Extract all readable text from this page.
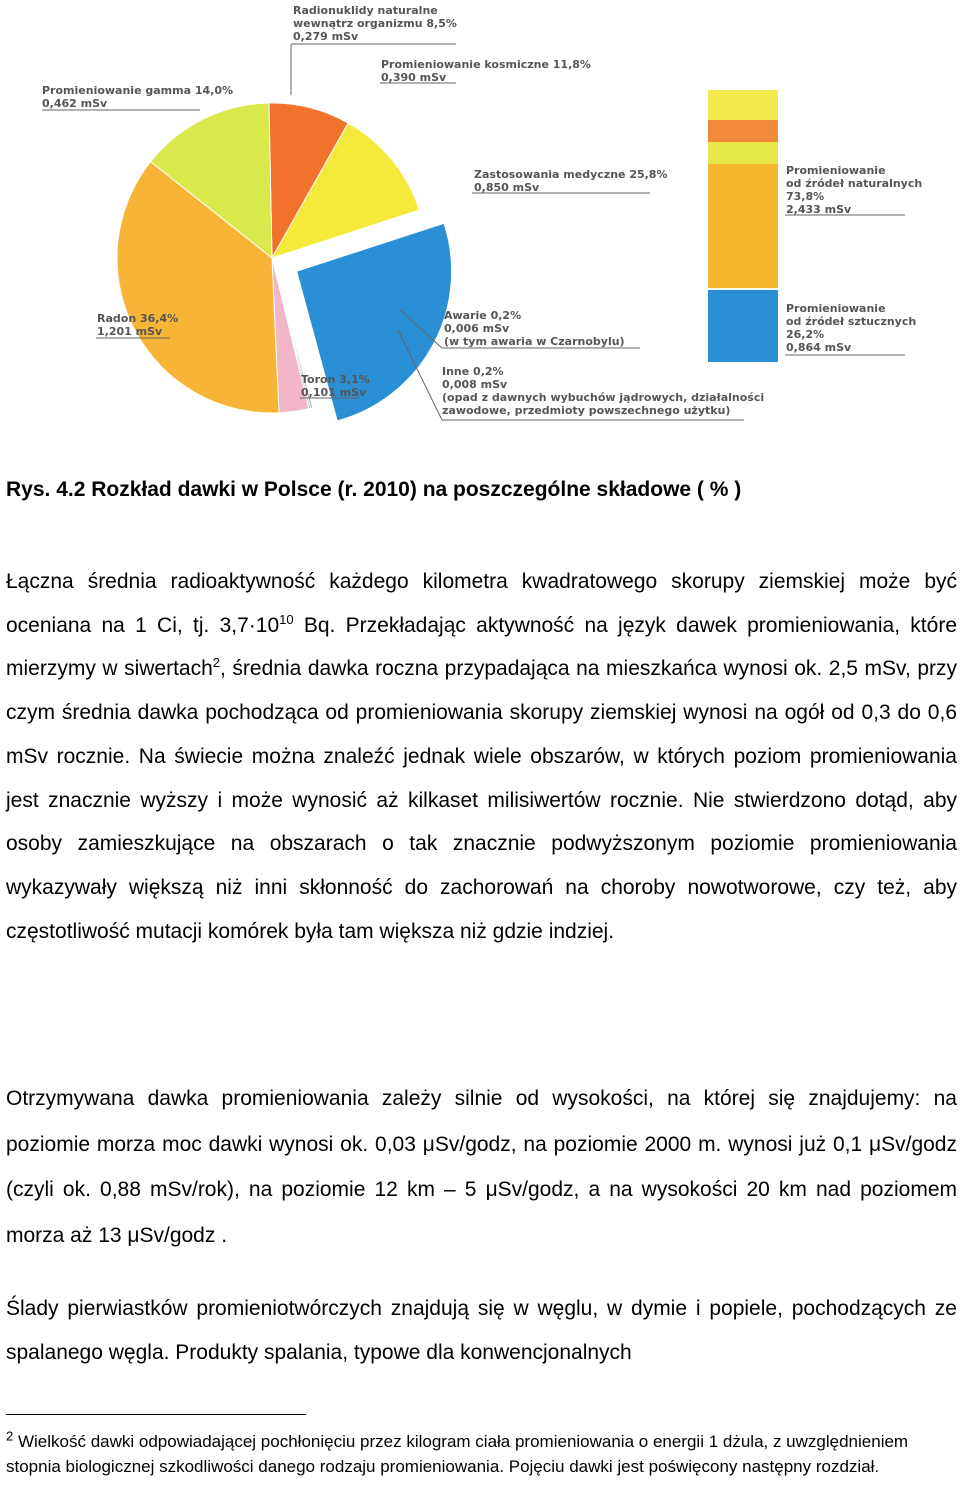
Radionuklidy naturalne
wewnątrz organizmu 8,5%
0,279 mSv
Promieniowanie kosmiczne 11,8%
0,390 mSv
Promieniowanie gamma 14,0%
0,462 mSv
Zastosowania medyczne 25,8%
0,850 mSv
Promieniowanie
od źródeł naturalnych
73,8%
2,433 mSv
Radon 36,4%
1,201 mSv
Awarie 0,2%
0,006 mSv
(w tym awaria w Czarnobylu)
Promieniowanie
od źródeł sztucznych
26,2%
0,864 mSv
Toron 3,1%
0,101 mSv
Inne 0,2%
0,008 mSv
(opad z dawnych wybuchów jądrowych, działalności
zawodowe, przedmioty powszechnego użytku)
Rys. 4.2 Rozkład dawki w Polsce (r. 2010) na poszczególne składowe ( % )

Łączna średnia radioaktywność każdego kilometra kwadratowego skorupy ziemskiej może być oceniana na 1 Ci, tj. $3,7\cdot 10^{10}$ Bq. Przekładając aktywność na język dawek promieniowania, które mierzymy w siwertach$^2$, średnia dawka roczna przypadająca na mieszkańca wynosi ok. 2,5 mSv, przy czym średnia dawka pochodząca od promieniowania skorupy ziemskiej wynosi na ogół od 0,3 do 0,6 mSv rocznie. Na świecie można znaleźć jednak wiele obszarów, w których poziom promieniowania jest znacznie wyższy i może wynosić aż kilkaset milisiwertów rocznie. Nie stwierdzono dotąd, aby osoby zamieszkujące na obszarach o tak znacznie podwyższonym poziomie promieniowania wykazywały większą niż inni skłonność do zachorowań na choroby nowotworowe, czy też, aby częstotliwość mutacji komórek była tam większa niż gdzie indziej.

Otrzymywana dawka promieniowania zależy silnie od wysokości, na której się znajdujemy: na poziomie morza moc dawki wynosi ok. 0,03 μSv/godz, na poziomie 2000 m. wynosi już 0,1 μSv/godz (czyli ok. 0,88 mSv/rok), na poziomie 12 km – 5 μSv/godz, a na wysokości 20 km nad poziomem morza aż 13 μSv/godz .

Ślady pierwiastków promieniotwórczych znajdują się w węglu, w dymie i popiele, pochodzących ze spalanego węgla. Produkty spalania, typowe dla konwencjonalnych

$^2$ Wielkość dawki odpowiadającej pochłonięciu przez kilogram ciała promieniowania o energii 1 dżula, z uwzględnieniem stopnia biologicznej szkodliwości danego rodzaju promieniowania. Pojęciu dawki jest poświęcony następny rozdział.
